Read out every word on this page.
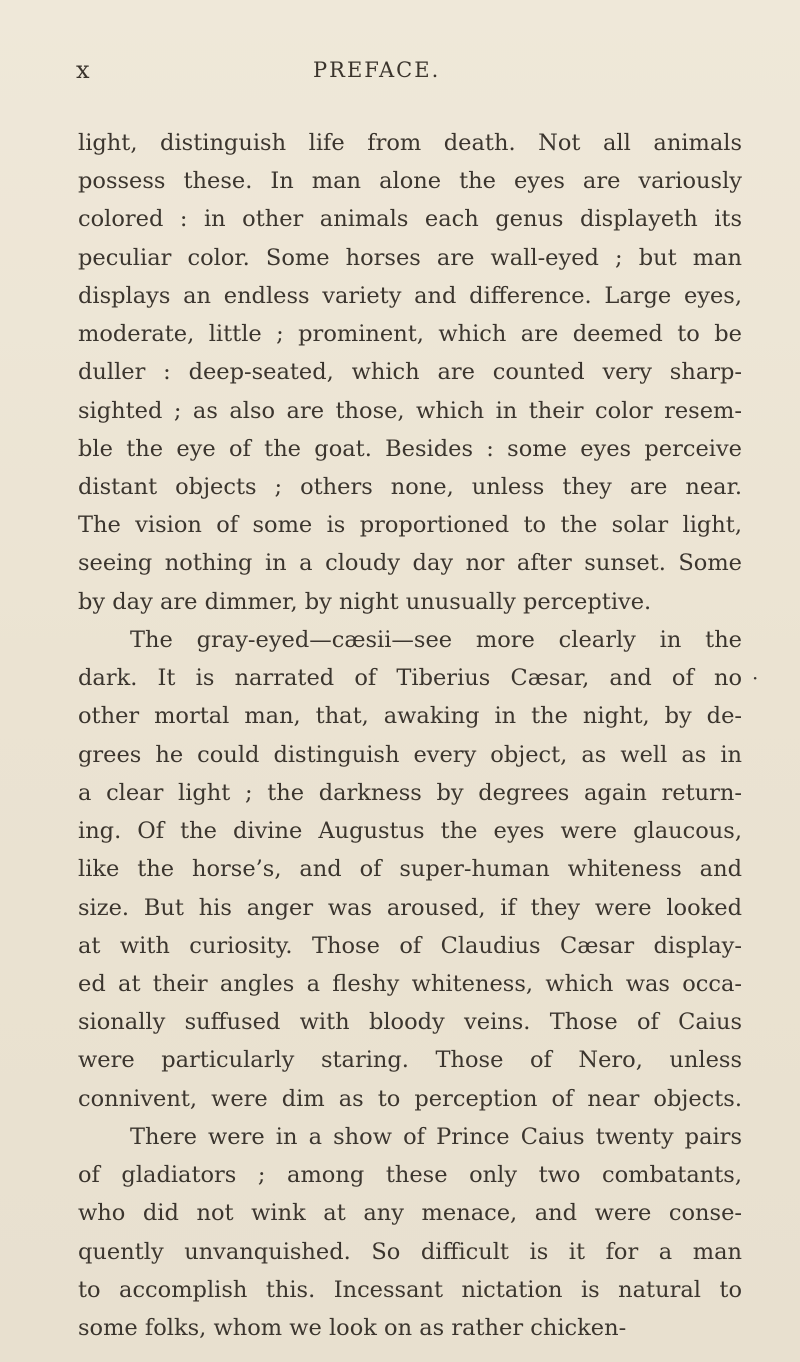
x	PREFACE.
light, distinguish life from death. Not all animals
possess these. In man alone the eyes are variously
colored : in other animals each genus displayeth its
peculiar color. Some horses are wall-eyed ; but man
displays an endless variety and difference. Large eyes,
moderate, little ; prominent, which are deemed to be
duller : deep-seated, which are counted very sharp-
sighted ; as also are those, which in their color resem-
ble the eye of the goat. Besides : some eyes perceive
distant objects ; others none, unless they are near.
The vision of some is proportioned to the solar light,
seeing nothing in a cloudy day nor after sunset. Some
by day are dimmer, by night unusually perceptive.
The gray-eyed—cæsii—see more clearly in the
dark. It is narrated of Tiberius Cæsar, and of no
other mortal man, that, awaking in the night, by de-
grees he could distinguish every object, as well as in
a clear light ; the darkness by degrees again return-
ing. Of the divine Augustus the eyes were glaucous,
like the horse’s, and of super-human whiteness and
size. But his anger was aroused, if they were looked
at with curiosity. Those of Claudius Cæsar display-
ed at their angles a fleshy whiteness, which was occa-
sionally suffused with bloody veins. Those of Caius
were particularly staring. Those of Nero, unless
connivent, were dim as to perception of near objects.
There were in a show of Prince Caius twenty pairs
of gladiators ; among these only two combatants,
who did not wink at any menace, and were conse-
quently unvanquished. So difficult is it for a man
to accomplish this. Incessant nictation is natural to
some folks, whom we look on as rather chicken-
·
